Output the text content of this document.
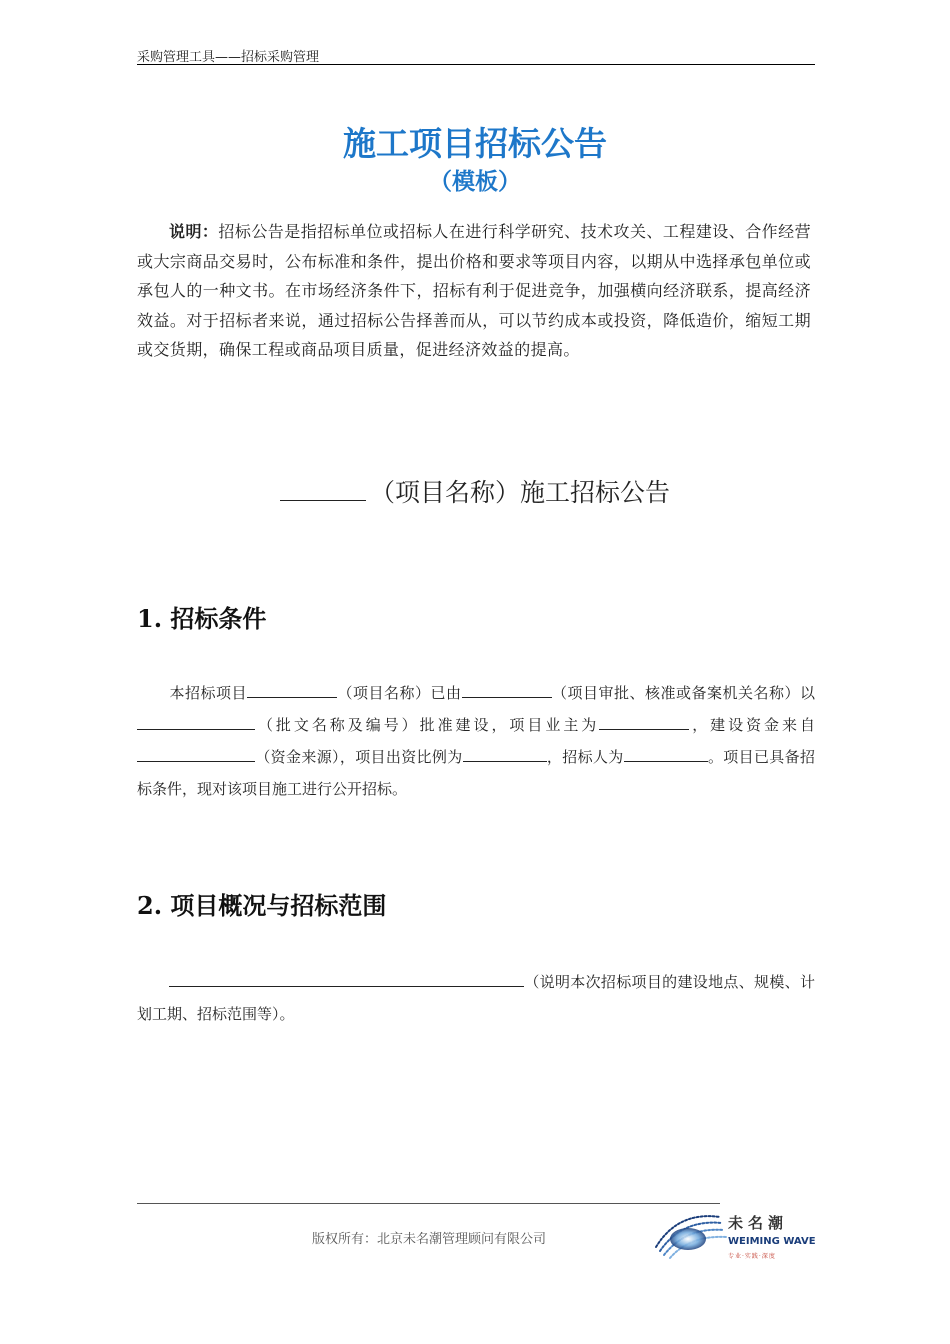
采购管理工具——招标采购管理
施工项目招标公告
（模板）
说明：招标公告是指招标单位或招标人在进行科学研究、技术攻关、工程建设、合作经营或大宗商品交易时，公布标准和条件，提出价格和要求等项目内容，以期从中选择承包单位或承包人的一种文书。在市场经济条件下，招标有利于促进竞争，加强横向经济联系，提高经济效益。对于招标者来说，通过招标公告择善而从，可以节约成本或投资，降低造价，缩短工期或交货期，确保工程或商品项目质量，促进经济效益的提高。
（项目名称）施工招标公告
1. 招标条件
本招标项目	（项目名称）已由	（项目审批、核准或备案机关名称）以（批文名称及编号）批准建设，项目业主为	，建设资金来自（资金来源），项目出资比例为	，招标人为	。项目已具备招标条件，现对该项目施工进行公开招标。
2. 项目概况与招标范围
（说明本次招标项目的建设地点、规模、计划工期、招标范围等）。
版权所有：北京未名潮管理顾问有限公司
未名潮
WEIMING WAVE
专业·实践·深度
